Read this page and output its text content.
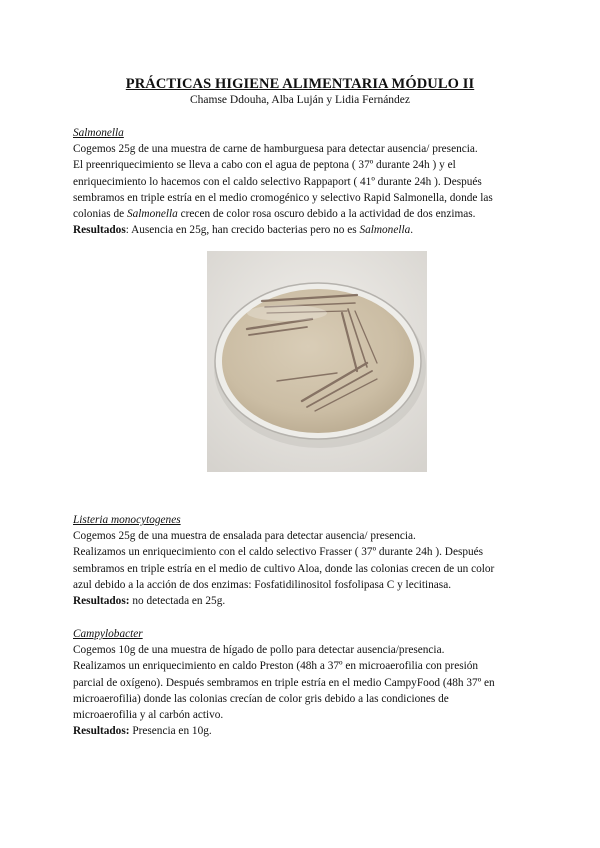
PRÁCTICAS HIGIENE ALIMENTARIA MÓDULO II
Chamse Ddouha, Alba Luján y Lidia Fernández
Salmonella
Cogemos 25g de una muestra de carne de hamburguesa para detectar ausencia/ presencia.
El preenriquecimiento se lleva a cabo con el agua de peptona ( 37º durante 24h ) y el
enriquecimiento lo hacemos con el caldo selectivo Rappaport ( 41º durante 24h ). Después
sembramos en triple estría en el medio cromogénico y selectivo Rapid Salmonella, donde las
colonias de Salmonella crecen de color rosa oscuro debido a la actividad de dos enzimas.
Resultados: Ausencia en 25g, han crecido bacterias pero no es Salmonella.
Listeria monocytogenes
Cogemos 25g de una muestra de ensalada para detectar ausencia/ presencia.
Realizamos un enriquecimiento con el caldo selectivo Frasser ( 37º durante 24h ). Después
sembramos en triple estría en el medio de cultivo Aloa, donde las colonias crecen de un color
azul debido a la acción de dos enzimas: Fosfatidilinositol fosfolipasa C y lecitinasa.
Resultados: no detectada en 25g.
Campylobacter
Cogemos 10g de una muestra de hígado de pollo para detectar ausencia/presencia.
Realizamos un enriquecimiento en caldo Preston (48h a 37º en microaerofilia con presión
parcial de oxígeno). Después sembramos en triple estría en el medio CampyFood (48h 37º en
microaerofilia) donde las colonias crecían de color gris debido a las condiciones de
microaerofilia y al carbón activo.
Resultados: Presencia en 10g.
